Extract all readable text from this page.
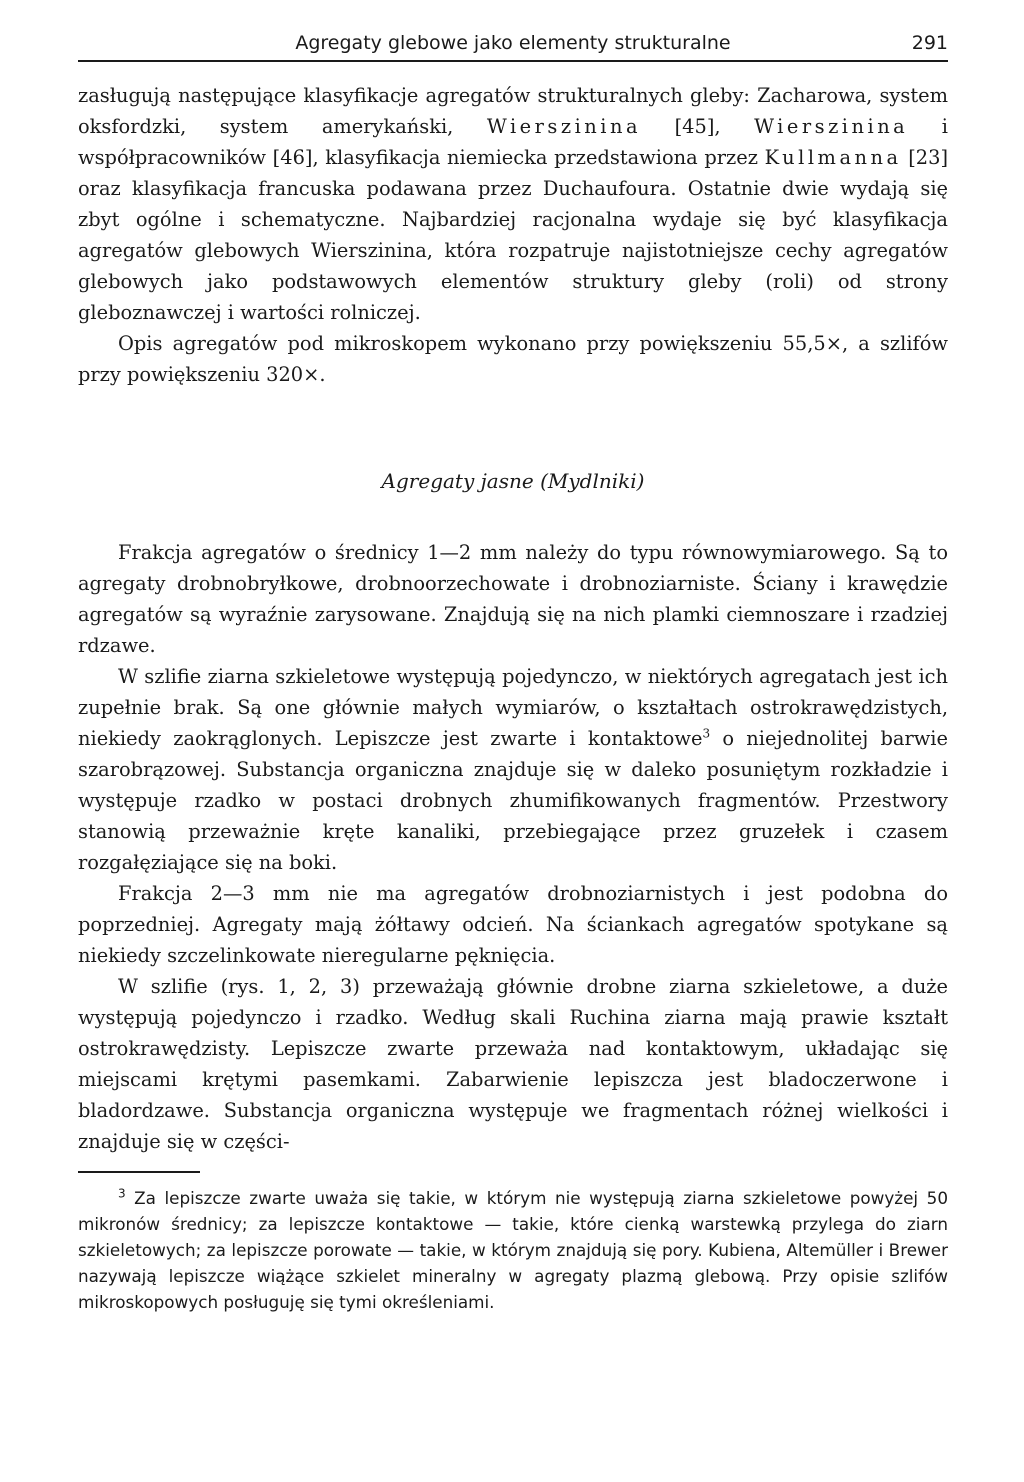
Agregaty glebowe jako elementy strukturalne	291

zasługują następujące klasyfikacje agregatów strukturalnych gleby: Zacharowa, system oksfordzki, system amerykański, Wierszinina [45], Wierszinina i współpracowników [46], klasyfikacja niemiecka przedstawiona przez Kullmanna [23] oraz klasyfikacja francuska podawana przez Duchaufoura. Ostatnie dwie wydają się zbyt ogólne i schematyczne. Najbardziej racjonalna wydaje się być klasyfikacja agregatów glebowych Wierszinina, która rozpatruje najistotniejsze cechy agregatów glebowych jako podstawowych elementów struktury gleby (roli) od strony gleboznawczej i wartości rolniczej.

Opis agregatów pod mikroskopem wykonano przy powiększeniu 55,5×, a szlifów przy powiększeniu 320×.

Agregaty jasne (Mydlniki)

Frakcja agregatów o średnicy 1—2 mm należy do typu równowymiarowego. Są to agregaty drobnobryłkowe, drobnoorzechowate i drobnoziarniste. Ściany i krawędzie agregatów są wyraźnie zarysowane. Znajdują się na nich plamki ciemnoszare i rzadziej rdzawe.

W szlifie ziarna szkieletowe występują pojedynczo, w niektórych agregatach jest ich zupełnie brak. Są one głównie małych wymiarów, o kształtach ostrokrawędzistych, niekiedy zaokrąglonych. Lepiszcze jest zwarte i kontaktowe$^3$ o niejednolitej barwie szarobrązowej. Substancja organiczna znajduje się w daleko posuniętym rozkładzie i występuje rzadko w postaci drobnych zhumifikowanych fragmentów. Przestwory stanowią przeważnie kręte kanaliki, przebiegające przez gruzełek i czasem rozgałęziające się na boki.

Frakcja 2—3 mm nie ma agregatów drobnoziarnistych i jest podobna do poprzedniej. Agregaty mają żółtawy odcień. Na ściankach agregatów spotykane są niekiedy szczelinkowate nieregularne pęknięcia.

W szlifie (rys. 1, 2, 3) przeważają głównie drobne ziarna szkieletowe, a duże występują pojedynczo i rzadko. Według skali Ruchina ziarna mają prawie kształt ostrokrawędzisty. Lepiszcze zwarte przeważa nad kontaktowym, układając się miejscami krętymi pasemkami. Zabarwienie lepiszcza jest bladoczerwone i bladordzawe. Substancja organiczna występuje we fragmentach różnej wielkości i znajduje się w części-

$^3$ Za lepiszcze zwarte uważa się takie, w którym nie występują ziarna szkieletowe powyżej 50 mikronów średnicy; za lepiszcze kontaktowe — takie, które cienką warstewką przylega do ziarn szkieletowych; za lepiszcze porowate — takie, w którym znajdują się pory. Kubiena, Altemüller i Brewer nazywają lepiszcze wiążące szkielet mineralny w agregaty plazmą glebową. Przy opisie szlifów mikroskopowych posługuję się tymi określeniami.
